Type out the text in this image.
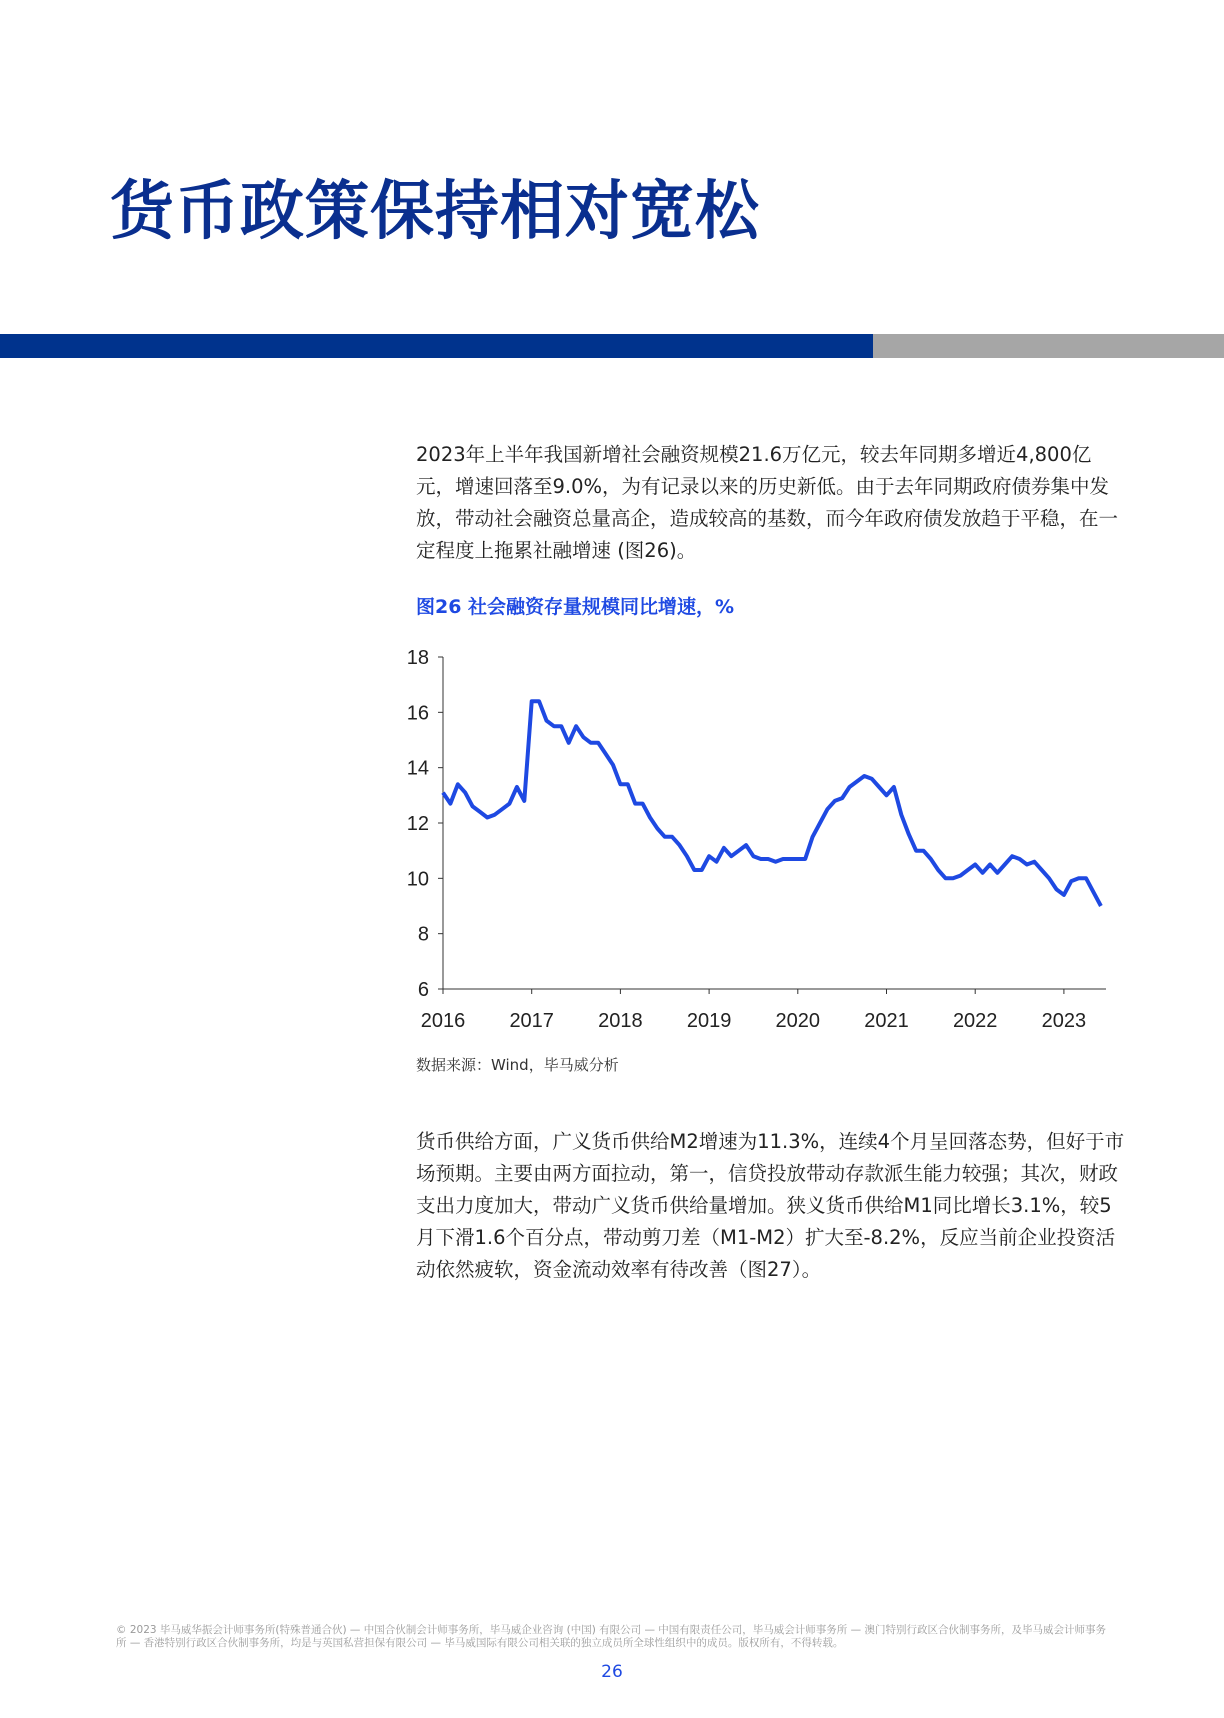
货币政策保持相对宽松

2023年上半年我国新增社会融资规模21.6万亿元，较去年同期多增近4,800亿元，增速回落至9.0%，为有记录以来的历史新低。由于去年同期政府债券集中发放，带动社会融资总量高企，造成较高的基数，而今年政府债发放趋于平稳，在一定程度上拖累社融增速 (图26)。

图26 社会融资存量规模同比增速，%
6
8
10
12
14
16
18
2016 2017 2018 2019 2020 2021 2022 2023
数据来源：Wind，毕马威分析

货币供给方面，广义货币供给M2增速为11.3%，连续4个月呈回落态势，但好于市场预期。主要由两方面拉动，第一，信贷投放带动存款派生能力较强；其次，财政支出力度加大，带动广义货币供给量增加。狭义货币供给M1同比增长3.1%，较5月下滑1.6个百分点，带动剪刀差（M1-M2）扩大至-8.2%，反应当前企业投资活动依然疲软，资金流动效率有待改善（图27）。

© 2023 毕马威华振会计师事务所(特殊普通合伙) — 中国合伙制会计师事务所，毕马威企业咨询 (中国) 有限公司 — 中国有限责任公司，毕马威会计师事务所 — 澳门特别行政区合伙制事务所，及毕马威会计师事务所 — 香港特别行政区合伙制事务所，均是与英国私营担保有限公司 — 毕马威国际有限公司相关联的独立成员所全球性组织中的成员。版权所有，不得转载。
26
